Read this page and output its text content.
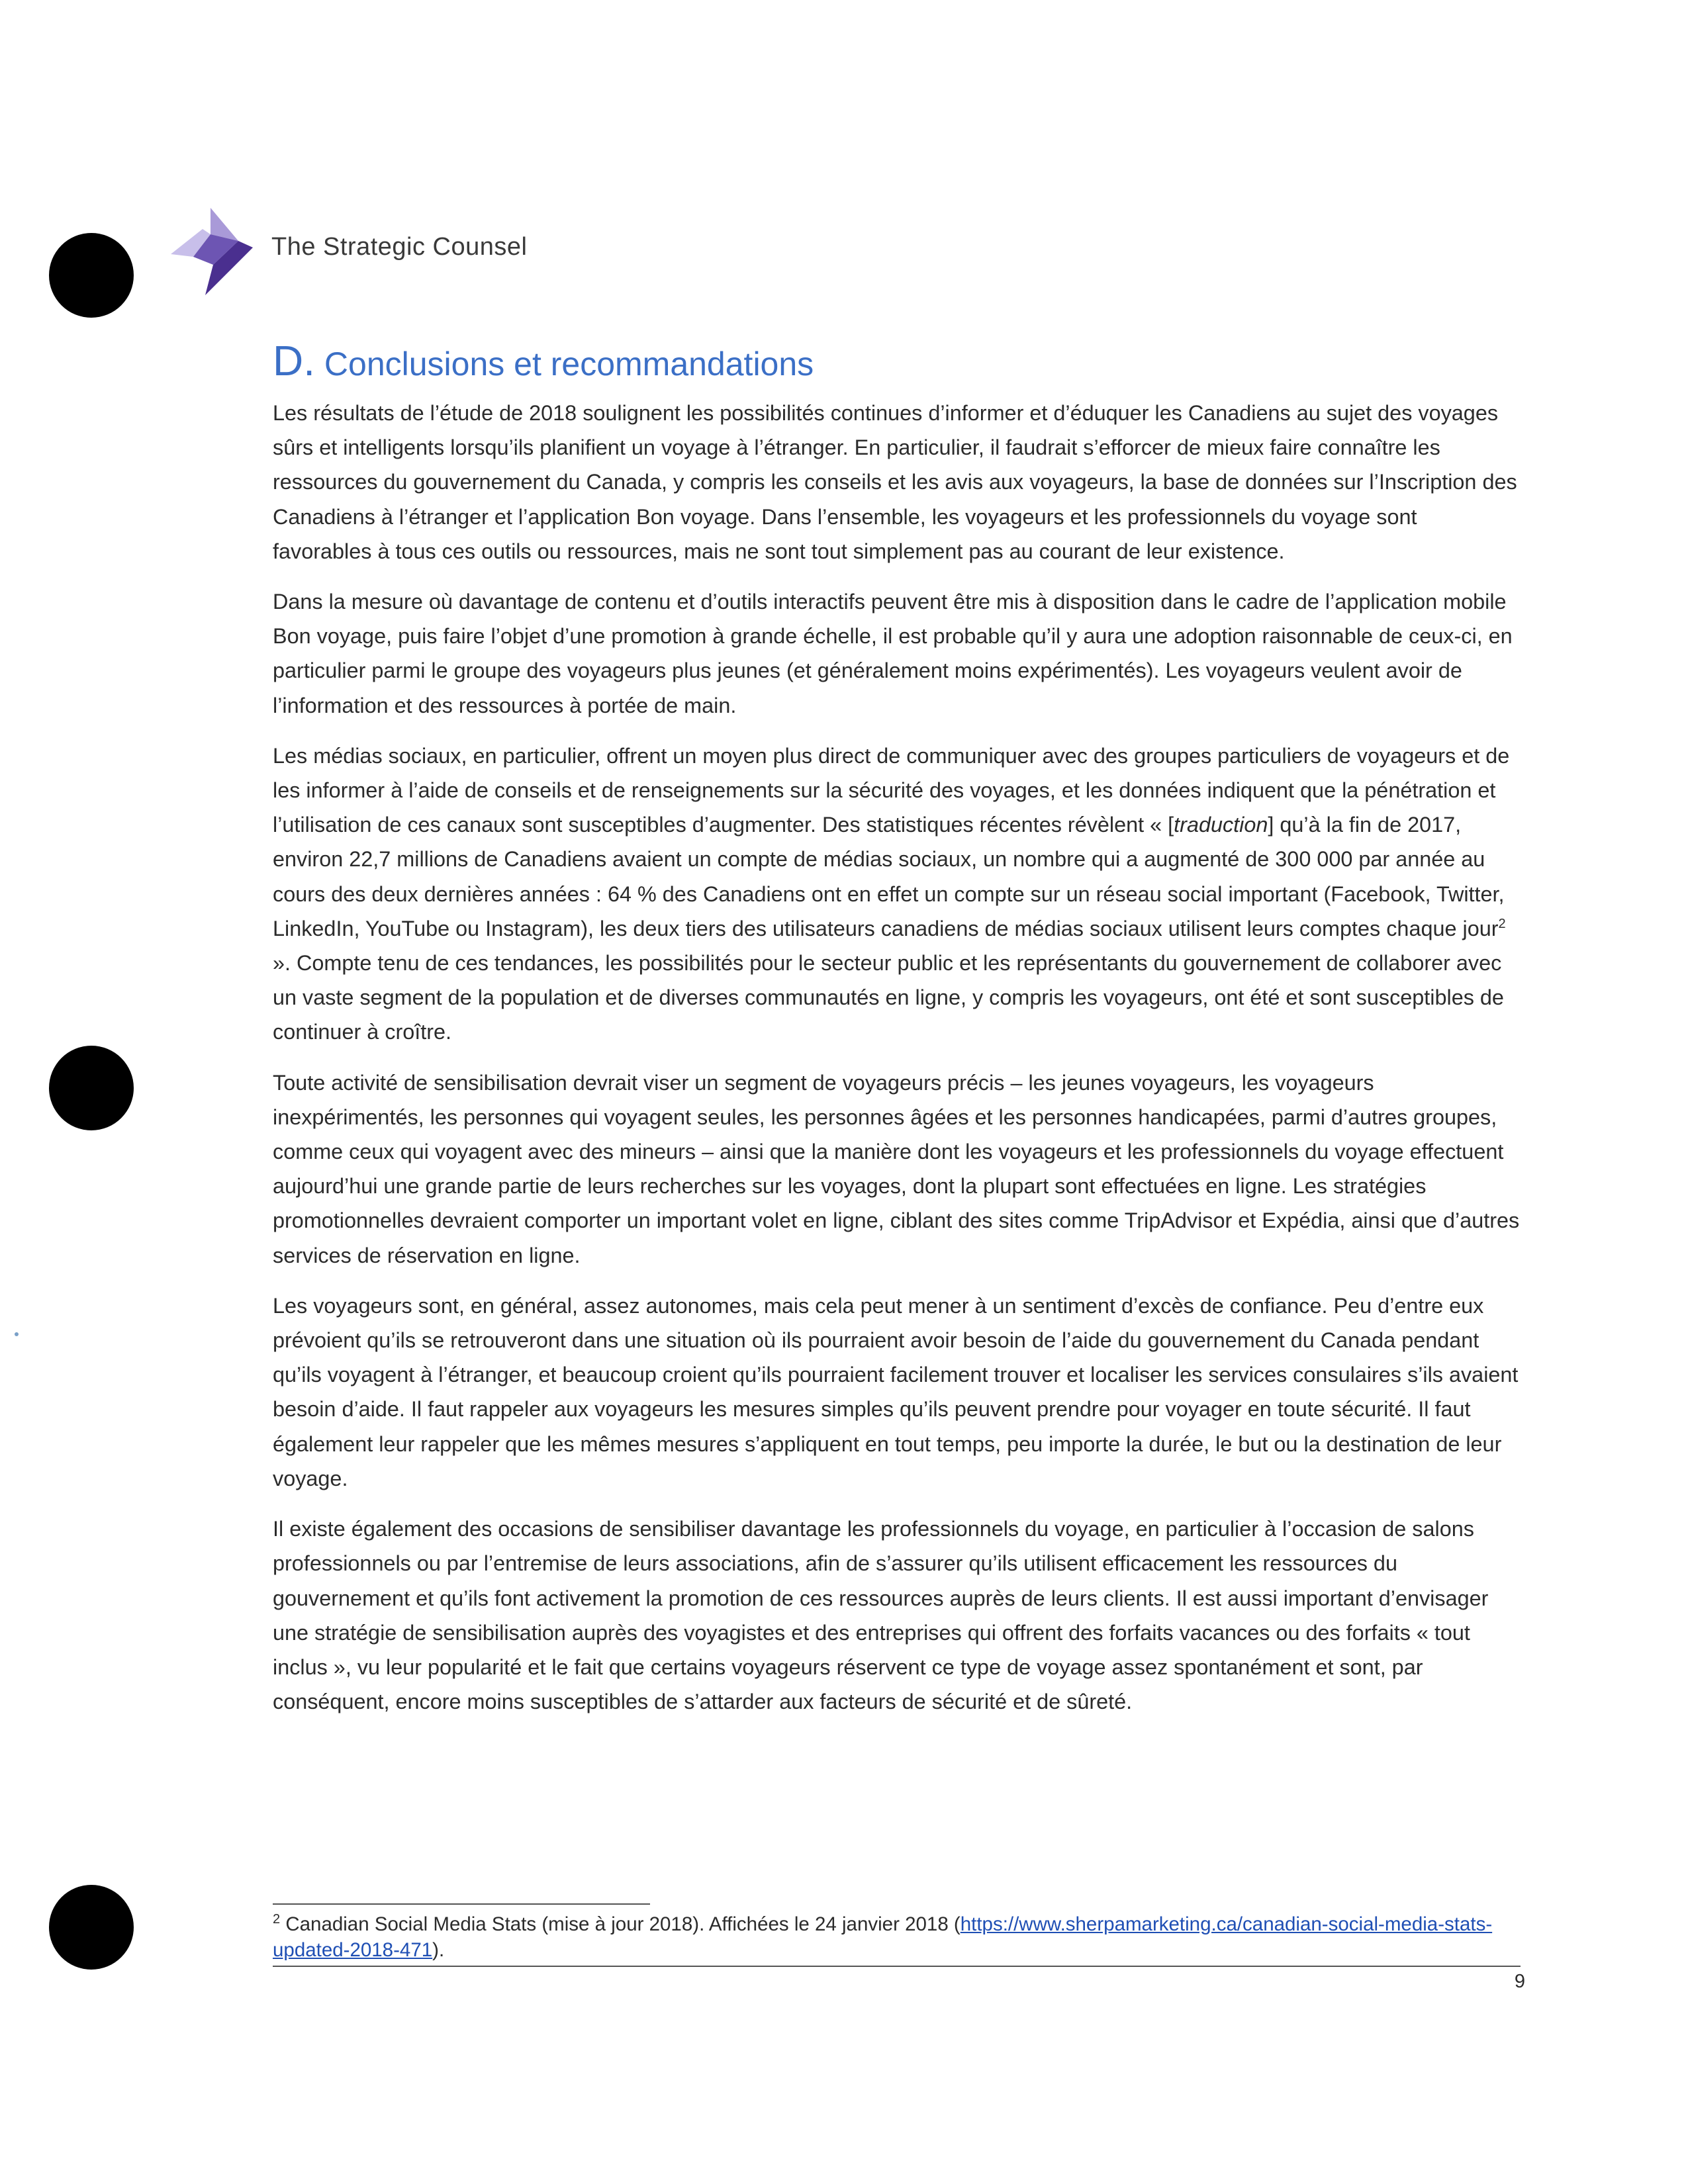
The Strategic Counsel
D. Conclusions et recommandations

Les résultats de l’étude de 2018 soulignent les possibilités continues d’informer et d’éduquer les Canadiens au sujet des voyages sûrs et intelligents lorsqu’ils planifient un voyage à l’étranger. En particulier, il faudrait s’efforcer de mieux faire connaître les ressources du gouvernement du Canada, y compris les conseils et les avis aux voyageurs, la base de données sur l’Inscription des Canadiens à l’étranger et l’application Bon voyage. Dans l’ensemble, les voyageurs et les professionnels du voyage sont favorables à tous ces outils ou ressources, mais ne sont tout simplement pas au courant de leur existence.

Dans la mesure où davantage de contenu et d’outils interactifs peuvent être mis à disposition dans le cadre de l’application mobile Bon voyage, puis faire l’objet d’une promotion à grande échelle, il est probable qu’il y aura une adoption raisonnable de ceux-ci, en particulier parmi le groupe des voyageurs plus jeunes (et généralement moins expérimentés). Les voyageurs veulent avoir de l’information et des ressources à portée de main.

Les médias sociaux, en particulier, offrent un moyen plus direct de communiquer avec des groupes particuliers de voyageurs et de les informer à l’aide de conseils et de renseignements sur la sécurité des voyages, et les données indiquent que la pénétration et l’utilisation de ces canaux sont susceptibles d’augmenter. Des statistiques récentes révèlent « [traduction] qu’à la fin de 2017, environ 22,7 millions de Canadiens avaient un compte de médias sociaux, un nombre qui a augmenté de 300 000 par année au cours des deux dernières années : 64 % des Canadiens ont en effet un compte sur un réseau social important (Facebook, Twitter, LinkedIn, YouTube ou Instagram), les deux tiers des utilisateurs canadiens de médias sociaux utilisent leurs comptes chaque jour$^2$ ». Compte tenu de ces tendances, les possibilités pour le secteur public et les représentants du gouvernement de collaborer avec un vaste segment de la population et de diverses communautés en ligne, y compris les voyageurs, ont été et sont susceptibles de continuer à croître.

Toute activité de sensibilisation devrait viser un segment de voyageurs précis – les jeunes voyageurs, les voyageurs inexpérimentés, les personnes qui voyagent seules, les personnes âgées et les personnes handicapées, parmi d’autres groupes, comme ceux qui voyagent avec des mineurs – ainsi que la manière dont les voyageurs et les professionnels du voyage effectuent aujourd’hui une grande partie de leurs recherches sur les voyages, dont la plupart sont effectuées en ligne. Les stratégies promotionnelles devraient comporter un important volet en ligne, ciblant des sites comme TripAdvisor et Expédia, ainsi que d’autres services de réservation en ligne.

Les voyageurs sont, en général, assez autonomes, mais cela peut mener à un sentiment d’excès de confiance. Peu d’entre eux prévoient qu’ils se retrouveront dans une situation où ils pourraient avoir besoin de l’aide du gouvernement du Canada pendant qu’ils voyagent à l’étranger, et beaucoup croient qu’ils pourraient facilement trouver et localiser les services consulaires s’ils avaient besoin d’aide. Il faut rappeler aux voyageurs les mesures simples qu’ils peuvent prendre pour voyager en toute sécurité. Il faut également leur rappeler que les mêmes mesures s’appliquent en tout temps, peu importe la durée, le but ou la destination de leur voyage.

Il existe également des occasions de sensibiliser davantage les professionnels du voyage, en particulier à l’occasion de salons professionnels ou par l’entremise de leurs associations, afin de s’assurer qu’ils utilisent efficacement les ressources du gouvernement et qu’ils font activement la promotion de ces ressources auprès de leurs clients. Il est aussi important d’envisager une stratégie de sensibilisation auprès des voyagistes et des entreprises qui offrent des forfaits vacances ou des forfaits « tout inclus », vu leur popularité et le fait que certains voyageurs réservent ce type de voyage assez spontanément et sont, par conséquent, encore moins susceptibles de s’attarder aux facteurs de sécurité et de sûreté.

$^2$ Canadian Social Media Stats (mise à jour 2018). Affichées le 24 janvier 2018 (https://www.sherpamarketing.ca/canadian-social-media-stats-updated-2018-471).
9
